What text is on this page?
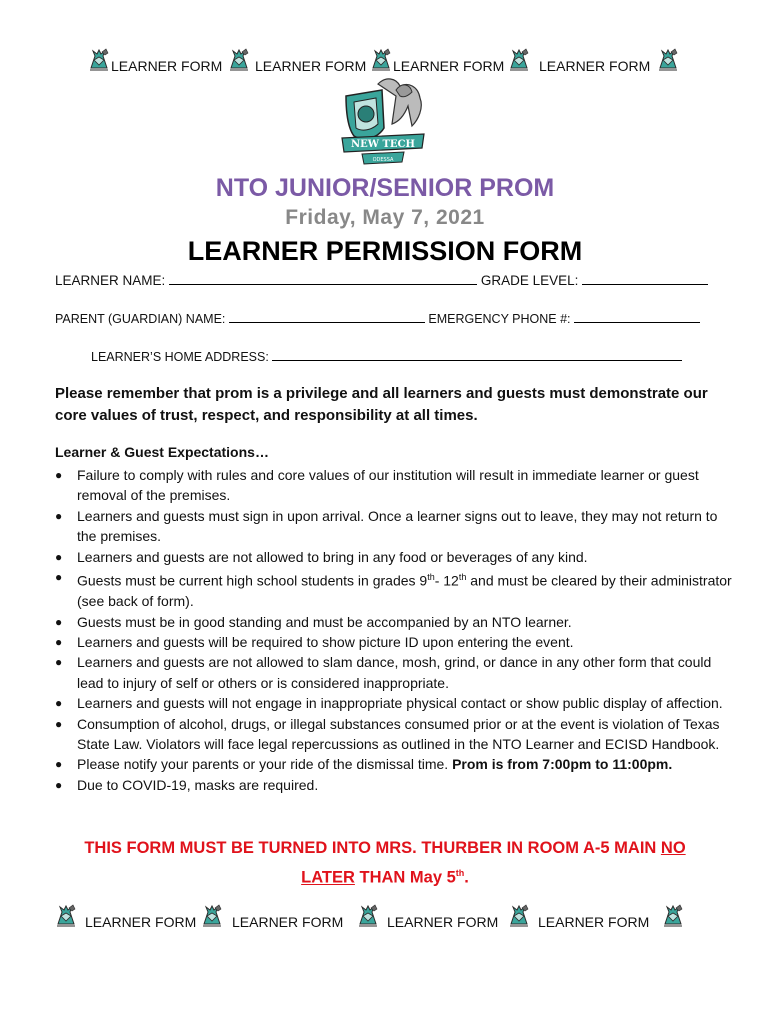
LEARNER FORM LEARNER FORM LEARNER FORM LEARNER FORM
NEW TECH
ODESSA
NTO JUNIOR/SENIOR PROM
Friday, May 7, 2021
LEARNER PERMISSION FORM
LEARNER NAME:	GRADE LEVEL:
PARENT (GUARDIAN) NAME:	EMERGENCY PHONE #:
LEARNER’S HOME ADDRESS:
Please remember that prom is a privilege and all learners and guests must demonstrate our core values of trust, respect, and responsibility at all times.
Learner & Guest Expectations…
● Failure to comply with rules and core values of our institution will result in immediate learner or guest removal of the premises.
● Learners and guests must sign in upon arrival. Once a learner signs out to leave, they may not return to the premises.
● Learners and guests are not allowed to bring in any food or beverages of any kind.
● Guests must be current high school students in grades 9th- 12th and must be cleared by their administrator (see back of form).
● Guests must be in good standing and must be accompanied by an NTO learner.
● Learners and guests will be required to show picture ID upon entering the event.
● Learners and guests are not allowed to slam dance, mosh, grind, or dance in any other form that could lead to injury of self or others or is considered inappropriate.
● Learners and guests will not engage in inappropriate physical contact or show public display of affection.
● Consumption of alcohol, drugs, or illegal substances consumed prior or at the event is violation of Texas State Law. Violators will face legal repercussions as outlined in the NTO Learner and ECISD Handbook.
● Please notify your parents or your ride of the dismissal time. Prom is from 7:00pm to 11:00pm.
● Due to COVID-19, masks are required.
THIS FORM MUST BE TURNED INTO MRS. THURBER IN ROOM A-5 MAIN NO
LATER THAN May 5th.
LEARNER FORM	LEARNER FORM	LEARNER FORM	LEARNER FORM
